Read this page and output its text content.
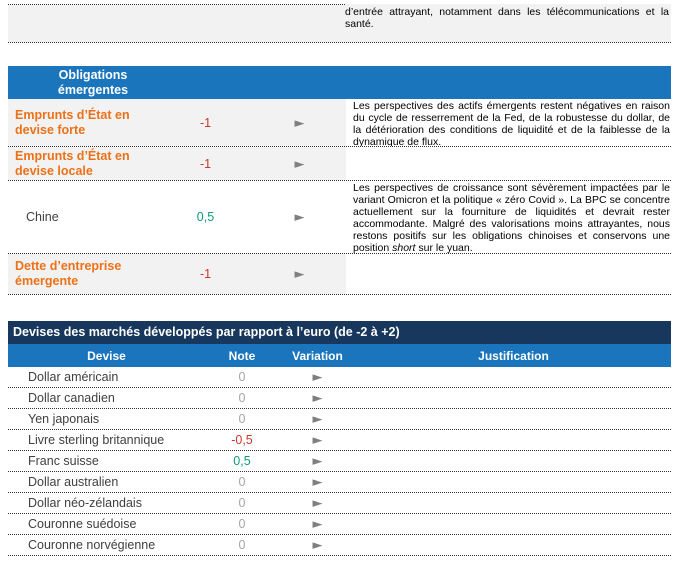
d’entrée attrayant, notamment dans les télécommunications et la santé.
Obligations émergentes
Emprunts d’État en devise forte	-1	►
Les perspectives des actifs émergents restent négatives en raison du cycle de resserrement de la Fed, de la robustesse du dollar, de la détérioration des conditions de liquidité et de la faiblesse de la dynamique de flux.
Emprunts d’État en devise locale	-1	►
Chine	0,5	►
Les perspectives de croissance sont sévèrement impactées par le variant Omicron et la politique « zéro Covid ». La BPC se concentre actuellement sur la fourniture de liquidités et devrait rester accommodante. Malgré des valorisations moins attrayantes, nous restons positifs sur les obligations chinoises et conservons une position short sur le yuan.
Dette d’entreprise émergente	-1	►
Devises des marchés développés par rapport à l’euro (de -2 à +2)
Devise	Note	Variation	Justification
Dollar américain	0	►
Dollar canadien	0	►
Yen japonais	0	►
Livre sterling britannique	-0,5	►
Franc suisse	0,5	►
Dollar australien	0	►
Dollar néo-zélandais	0	►
Couronne suédoise	0	►
Couronne norvégienne	0	►
